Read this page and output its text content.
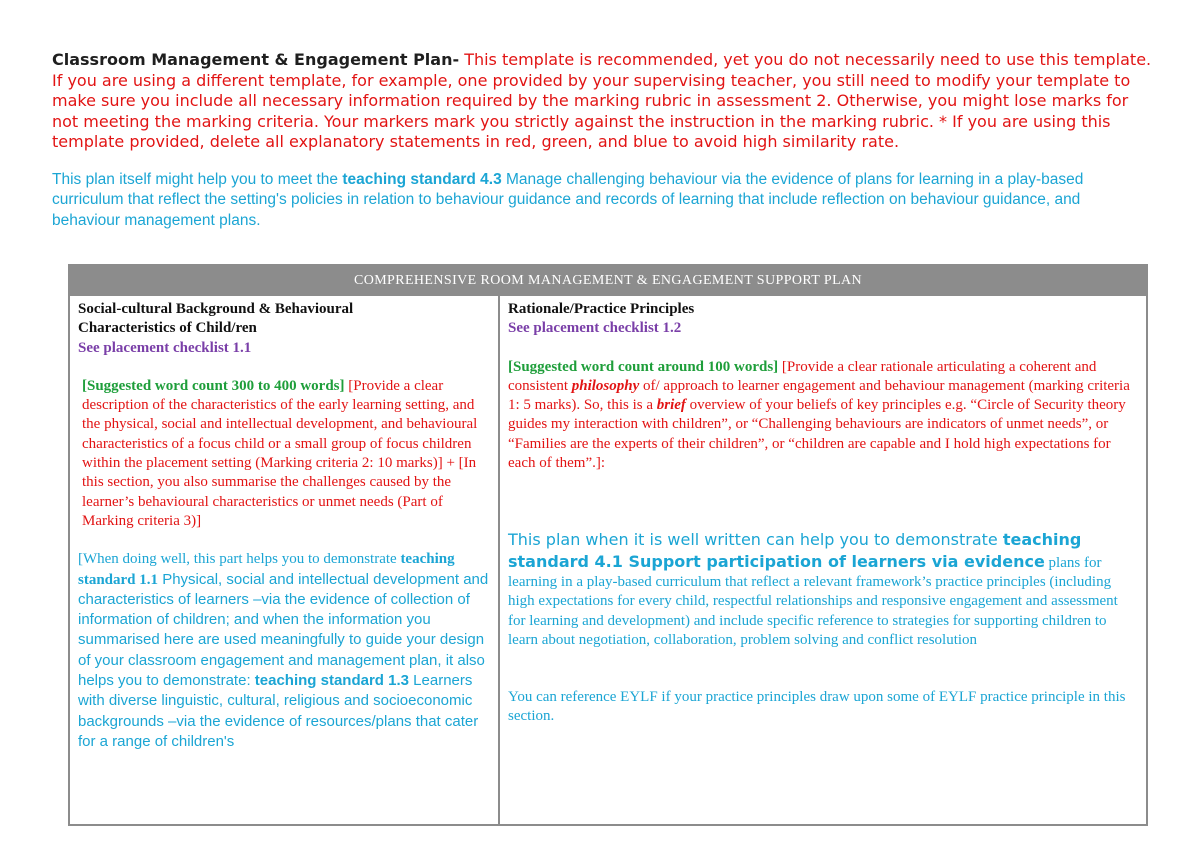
Classroom Management & Engagement Plan- This template is recommended, yet you do not necessarily need to use this template. If you are using a different template, for example, one provided by your supervising teacher, you still need to modify your template to make sure you include all necessary information required by the marking rubric in assessment 2. Otherwise, you might lose marks for not meeting the marking criteria. Your markers mark you strictly against the instruction in the marking rubric. * If you are using this template provided, delete all explanatory statements in red, green, and blue to avoid high similarity rate.

This plan itself might help you to meet the teaching standard 4.3 Manage challenging behaviour via the evidence of plans for learning in a play-based curriculum that reflect the setting's policies in relation to behaviour guidance and records of learning that include reflection on behaviour guidance, and behaviour management plans.

COMPREHENSIVE ROOM MANAGEMENT & ENGAGEMENT SUPPORT PLAN
Social-cultural Background & Behavioural Characteristics of Child/ren
See placement checklist 1.1
[Suggested word count 300 to 400 words] [Provide a clear description of the characteristics of the early learning setting, and the physical, social and intellectual development, and behavioural characteristics of a focus child or a small group of focus children within the placement setting (Marking criteria 2: 10 marks)] + [In this section, you also summarise the challenges caused by the learner’s behavioural characteristics or unmet needs (Part of Marking criteria 3)]
[When doing well, this part helps you to demonstrate teaching standard 1.1 Physical, social and intellectual development and characteristics of learners –via the evidence of collection of information of children; and when the information you summarised here are used meaningfully to guide your design of your classroom engagement and management plan, it also helps you to demonstrate: teaching standard 1.3 Learners with diverse linguistic, cultural, religious and socioeconomic backgrounds –via the evidence of resources/plans that cater for a range of children's
Rationale/Practice Principles
See placement checklist 1.2
[Suggested word count around 100 words] [Provide a clear rationale articulating a coherent and consistent philosophy of/ approach to learner engagement and behaviour management (marking criteria 1: 5 marks). So, this is a brief overview of your beliefs of key principles e.g. “Circle of Security theory guides my interaction with children”, or “Challenging behaviours are indicators of unmet needs”, or “Families are the experts of their children”, or “children are capable and I hold high expectations for each of them”.]:
This plan when it is well written can help you to demonstrate teaching standard 4.1 Support participation of learners via evidence plans for learning in a play-based curriculum that reflect a relevant framework’s practice principles (including high expectations for every child, respectful relationships and responsive engagement and assessment for learning and development) and include specific reference to strategies for supporting children to learn about negotiation, collaboration, problem solving and conflict resolution
You can reference EYLF if your practice principles draw upon some of EYLF practice principle in this section.
